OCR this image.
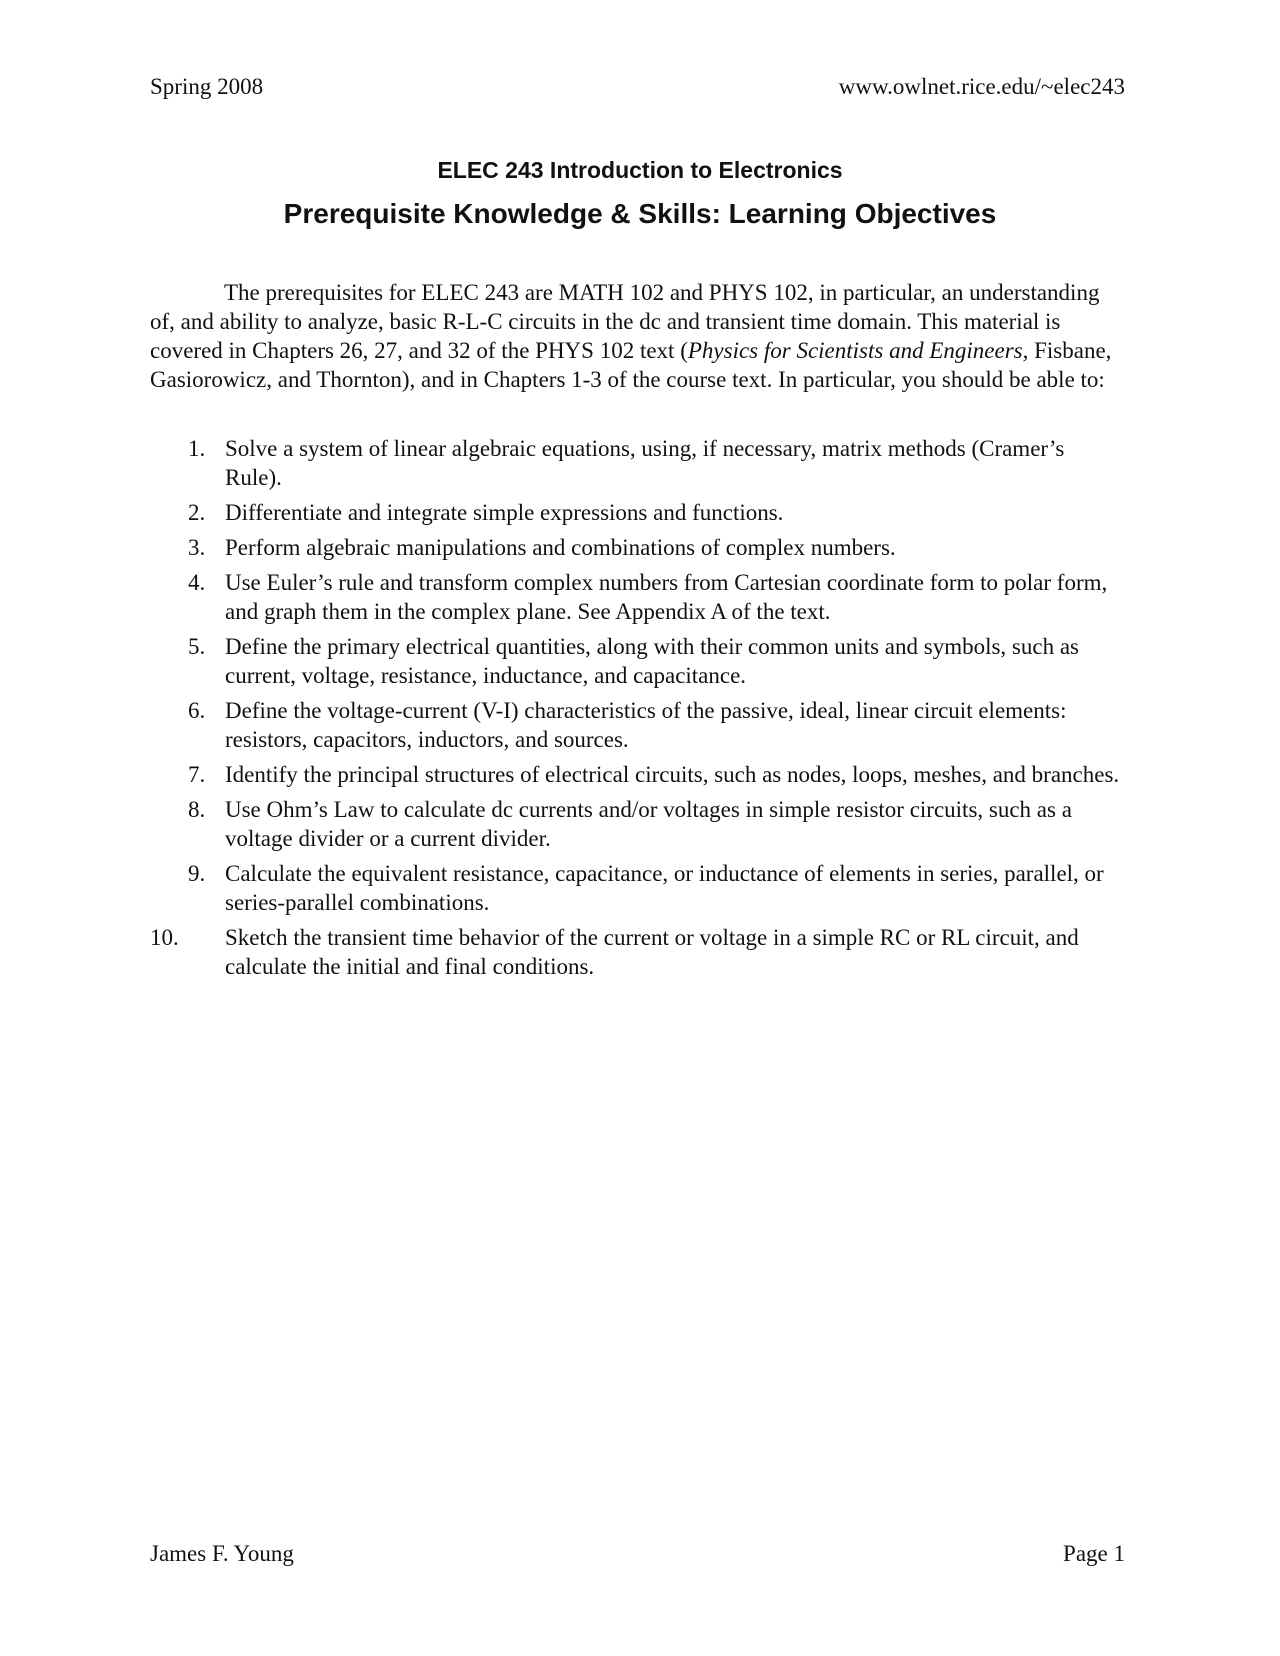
Spring 2008	www.owlnet.rice.edu/~elec243
ELEC 243 Introduction to Electronics
Prerequisite Knowledge & Skills: Learning Objectives

The prerequisites for ELEC 243 are MATH 102 and PHYS 102, in particular, an understanding of, and ability to analyze, basic R-L-C circuits in the dc and transient time domain. This material is covered in Chapters 26, 27, and 32 of the PHYS 102 text (Physics for Scientists and Engineers, Fisbane, Gasiorowicz, and Thornton), and in Chapters 1-3 of the course text. In particular, you should be able to:

1. Solve a system of linear algebraic equations, using, if necessary, matrix methods (Cramer’s Rule).
2. Differentiate and integrate simple expressions and functions.
3. Perform algebraic manipulations and combinations of complex numbers.
4. Use Euler’s rule and transform complex numbers from Cartesian coordinate form to polar form, and graph them in the complex plane. See Appendix A of the text.
5. Define the primary electrical quantities, along with their common units and symbols, such as current, voltage, resistance, inductance, and capacitance.
6. Define the voltage-current (V-I) characteristics of the passive, ideal, linear circuit elements: resistors, capacitors, inductors, and sources.
7. Identify the principal structures of electrical circuits, such as nodes, loops, meshes, and branches.
8. Use Ohm’s Law to calculate dc currents and/or voltages in simple resistor circuits, such as a voltage divider or a current divider.
9. Calculate the equivalent resistance, capacitance, or inductance of elements in series, parallel, or series-parallel combinations.
10. Sketch the transient time behavior of the current or voltage in a simple RC or RL circuit, and calculate the initial and final conditions.
James F. Young	Page 1
